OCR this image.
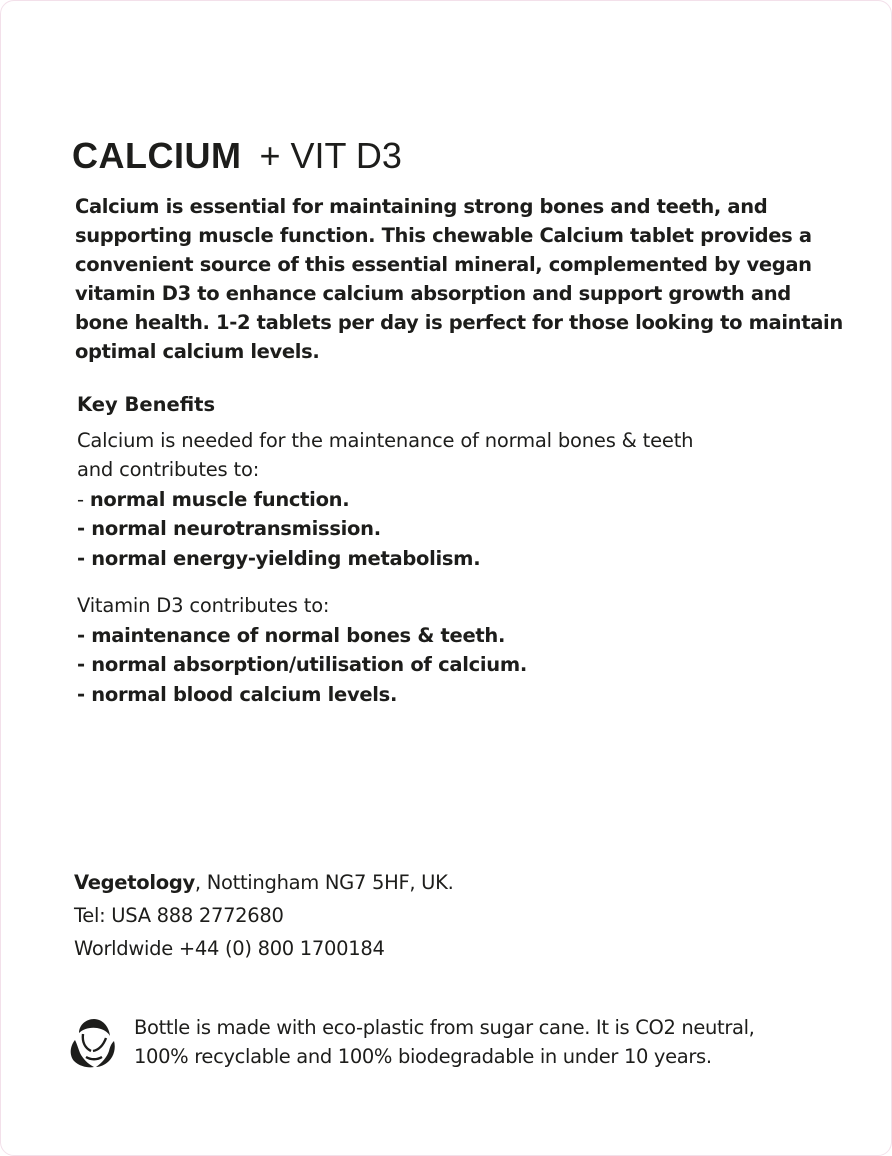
CALCIUM + VIT D3
Calcium is essential for maintaining strong bones and teeth, and supporting muscle function. This chewable Calcium tablet provides a convenient source of this essential mineral, complemented by vegan vitamin D3 to enhance calcium absorption and support growth and bone health. 1-2 tablets per day is perfect for those looking to maintain optimal calcium levels.
Key Benefits
Calcium is needed for the maintenance of normal bones & teeth
and contributes to:
- normal muscle function.
- normal neurotransmission.
- normal energy-yielding metabolism.
Vitamin D3 contributes to:
- maintenance of normal bones & teeth.
- normal absorption/utilisation of calcium.
- normal blood calcium levels.
Vegetology, Nottingham NG7 5HF, UK.
Tel: USA 888 2772680
Worldwide +44 (0) 800 1700184
Bottle is made with eco-plastic from sugar cane. It is CO2 neutral,
100% recyclable and 100% biodegradable in under 10 years.
